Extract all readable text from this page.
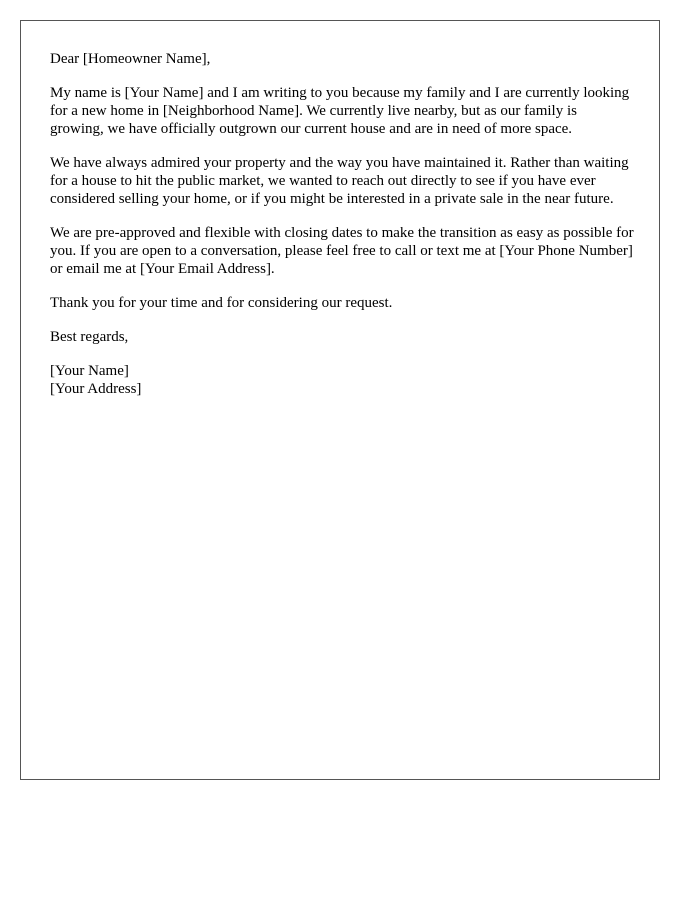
Dear [Homeowner Name],

My name is [Your Name] and I am writing to you because my family and I are currently looking for a new home in [Neighborhood Name]. We currently live nearby, but as our family is growing, we have officially outgrown our current house and are in need of more space.

We have always admired your property and the way you have maintained it. Rather than waiting for a house to hit the public market, we wanted to reach out directly to see if you have ever considered selling your home, or if you might be interested in a private sale in the near future.

We are pre-approved and flexible with closing dates to make the transition as easy as possible for you. If you are open to a conversation, please feel free to call or text me at [Your Phone Number] or email me at [Your Email Address].

Thank you for your time and for considering our request.

Best regards,

[Your Name]
[Your Address]
